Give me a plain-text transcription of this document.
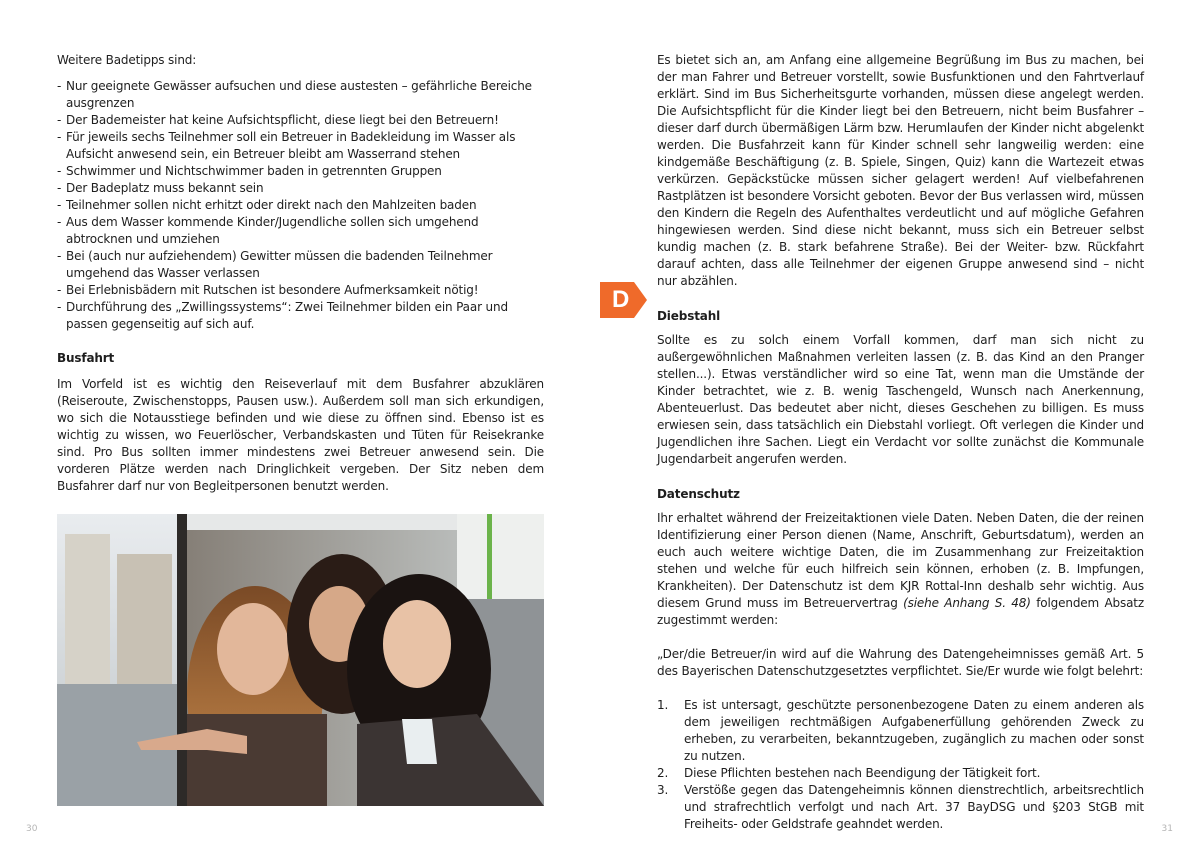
Weitere Badetipps sind:

- Nur geeignete Gewässer aufsuchen und diese austesten – gefährliche Bereiche ausgrenzen
- Der Bademeister hat keine Aufsichtspflicht, diese liegt bei den Betreuern!
- Für jeweils sechs Teilnehmer soll ein Betreuer in Badekleidung im Wasser als Aufsicht anwesend sein, ein Betreuer bleibt am Wasserrand stehen
- Schwimmer und Nichtschwimmer baden in getrennten Gruppen
- Der Badeplatz muss bekannt sein
- Teilnehmer sollen nicht erhitzt oder direkt nach den Mahlzeiten baden
- Aus dem Wasser kommende Kinder/Jugendliche sollen sich umgehend abtrocknen und umziehen
- Bei (auch nur aufziehendem) Gewitter müssen die badenden Teilnehmer umgehend das Wasser verlassen
- Bei Erlebnisbädern mit Rutschen ist besondere Aufmerksamkeit nötig!
- Durchführung des „Zwillingssystems“: Zwei Teilnehmer bilden ein Paar und passen gegenseitig auf sich auf.
Busfahrt

Im Vorfeld ist es wichtig den Reiseverlauf mit dem Busfahrer abzuklären (Reiseroute, Zwischenstopps, Pausen usw.). Außerdem soll man sich erkundigen, wo sich die Notausstiege befinden und wie diese zu öffnen sind. Ebenso ist es wichtig zu wissen, wo Feuerlöscher, Verbandskasten und Tüten für Reisekranke sind. Pro Bus sollten immer mindestens zwei Betreuer anwesend sein. Die vorderen Plätze werden nach Dringlichkeit vergeben. Der Sitz neben dem Busfahrer darf nur von Begleitpersonen benutzt werden.

30
D

Es bietet sich an, am Anfang eine allgemeine Begrüßung im Bus zu machen, bei der man Fahrer und Betreuer vorstellt, sowie Busfunktionen und den Fahrtverlauf erklärt. Sind im Bus Sicherheitsgurte vorhanden, müssen diese angelegt werden. Die Aufsichtspflicht für die Kinder liegt bei den Betreuern, nicht beim Busfahrer – dieser darf durch übermäßigen Lärm bzw. Herumlaufen der Kinder nicht abgelenkt werden. Die Busfahrzeit kann für Kinder schnell sehr langweilig werden: eine kindgemäße Beschäftigung (z. B. Spiele, Singen, Quiz) kann die Wartezeit etwas verkürzen. Gepäckstücke müssen sicher gelagert werden! Auf vielbefahrenen Rastplätzen ist besondere Vorsicht geboten. Bevor der Bus verlassen wird, müssen den Kindern die Regeln des Aufenthaltes verdeutlicht und auf mögliche Gefahren hingewiesen werden. Sind diese nicht bekannt, muss sich ein Betreuer selbst kundig machen (z. B. stark befahrene Straße). Bei der Weiter- bzw. Rückfahrt darauf achten, dass alle Teilnehmer der eigenen Gruppe anwesend sind – nicht nur abzählen.

Diebstahl

Sollte es zu solch einem Vorfall kommen, darf man sich nicht zu außergewöhnlichen Maßnahmen verleiten lassen (z. B. das Kind an den Pranger stellen...). Etwas verständlicher wird so eine Tat, wenn man die Umstände der Kinder betrachtet, wie z. B. wenig Taschengeld, Wunsch nach Anerkennung, Abenteuerlust. Das bedeutet aber nicht, dieses Geschehen zu billigen. Es muss erwiesen sein, dass tatsächlich ein Diebstahl vorliegt. Oft verlegen die Kinder und Jugendlichen ihre Sachen. Liegt ein Verdacht vor sollte zunächst die Kommunale Jugendarbeit angerufen werden.

Datenschutz

Ihr erhaltet während der Freizeitaktionen viele Daten. Neben Daten, die der reinen Identifizierung einer Person dienen (Name, Anschrift, Geburtsdatum), werden an euch auch weitere wichtige Daten, die im Zusammenhang zur Freizeitaktion stehen und welche für euch hilfreich sein können, erhoben (z. B. Impfungen, Krankheiten). Der Datenschutz ist dem KJR Rottal-Inn deshalb sehr wichtig. Aus diesem Grund muss im Betreuervertrag (siehe Anhang S. 48) folgendem Absatz zugestimmt werden:

„Der/die Betreuer/in wird auf die Wahrung des Datengeheimnisses gemäß Art. 5 des Bayerischen Datenschutzgesetztes verpflichtet. Sie/Er wurde wie folgt belehrt:

1. Es ist untersagt, geschützte personenbezogene Daten zu einem anderen als dem jeweiligen rechtmäßigen Aufgabenerfüllung gehörenden Zweck zu erheben, zu verarbeiten, bekanntzugeben, zugänglich zu machen oder sonst zu nutzen.
2. Diese Pflichten bestehen nach Beendigung der Tätigkeit fort.
3. Verstöße gegen das Datengeheimnis können dienstrechtlich, arbeitsrechtlich und strafrechtlich verfolgt und nach Art. 37 BayDSG und §203 StGB mit Freiheits- oder Geldstrafe geahndet werden.	31
